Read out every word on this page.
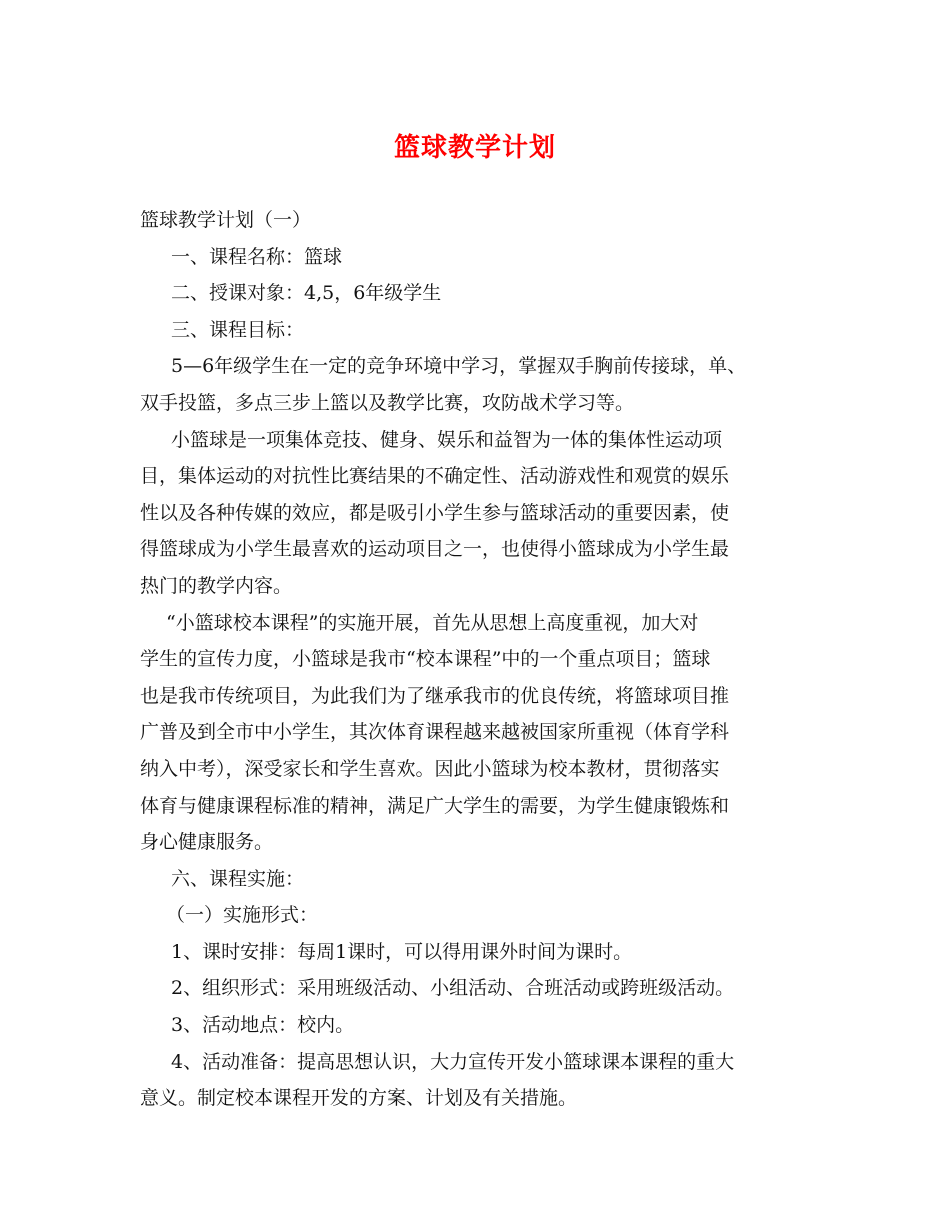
篮球教学计划

篮球教学计划（一）

一、课程名称：篮球

二、授课对象：4,5，6年级学生

三、课程目标：

5—6年级学生在一定的竞争环境中学习，掌握双手胸前传接球，单、

双手投篮，多点三步上篮以及教学比赛，攻防战术学习等。

小篮球是一项集体竞技、健身、娱乐和益智为一体的集体性运动项

目，集体运动的对抗性比赛结果的不确定性、活动游戏性和观赏的娱乐

性以及各种传媒的效应，都是吸引小学生参与篮球活动的重要因素，使

得篮球成为小学生最喜欢的运动项目之一，也使得小篮球成为小学生最

热门的教学内容。

“小篮球校本课程”的实施开展，首先从思想上高度重视，加大对

学生的宣传力度，小篮球是我市“校本课程”中的一个重点项目；篮球

也是我市传统项目，为此我们为了继承我市的优良传统，将篮球项目推

广普及到全市中小学生，其次体育课程越来越被国家所重视（体育学科

纳入中考），深受家长和学生喜欢。因此小篮球为校本教材，贯彻落实

体育与健康课程标准的精神，满足广大学生的需要，为学生健康锻炼和

身心健康服务。

六、课程实施：

（一）实施形式：

1、课时安排：每周1课时，可以得用课外时间为课时。

2、组织形式：采用班级活动、小组活动、合班活动或跨班级活动。

3、活动地点：校内。

4、活动准备：提高思想认识，大力宣传开发小篮球课本课程的重大

意义。制定校本课程开发的方案、计划及有关措施。
